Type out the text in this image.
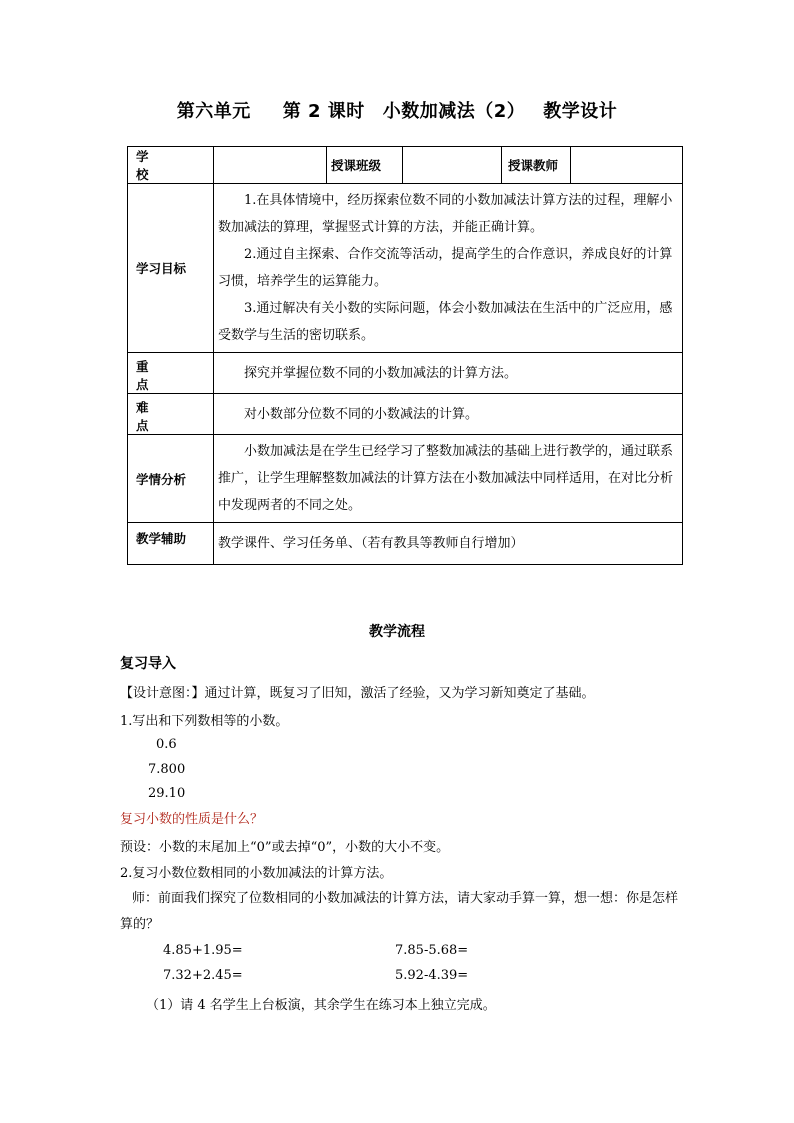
第六单元 第 2 课时 小数加减法（2） 教学设计
学校		授课班级		授课教师	
学习目标	1.在具体情境中，经历探索位数不同的小数加减法计算方法的过程，理解小数加减法的算理，掌握竖式计算的方法，并能正确计算。

2.通过自主探索、合作交流等活动，提高学生的合作意识，养成良好的计算习惯，培养学生的运算能力。

3.通过解决有关小数的实际问题，体会小数加减法在生活中的广泛应用，感受数学与生活的密切联系。				

重点	探究并掌握位数不同的小数加减法的计算方法。				

难点	对小数部分位数不同的小数减法的计算。				

学情分析	小数加减法是在学生已经学习了整数加减法的基础上进行教学的，通过联系推广，让学生理解整数加减法的计算方法在小数加减法中同样适用，在对比分析中发现两者的不同之处。				

教学辅助	教学课件、学习任务单、（若有教具等教师自行增加）				
教学流程
复习导入
【设计意图：】通过计算，既复习了旧知，激活了经验，又为学习新知奠定了基础。
1.写出和下列数相等的小数。
0.6
7.800
29.10
复习小数的性质是什么？
预设：小数的末尾加上“0”或去掉“0”，小数的大小不变。
2.复习小数位数相同的小数加减法的计算方法。
师：前面我们探究了位数相同的小数加减法的计算方法，请大家动手算一算，想一想：你是怎样算的？
4.85+1.95=	7.85-5.68=
7.32+2.45=	5.92-4.39=
（1）请 4 名学生上台板演，其余学生在练习本上独立完成。
